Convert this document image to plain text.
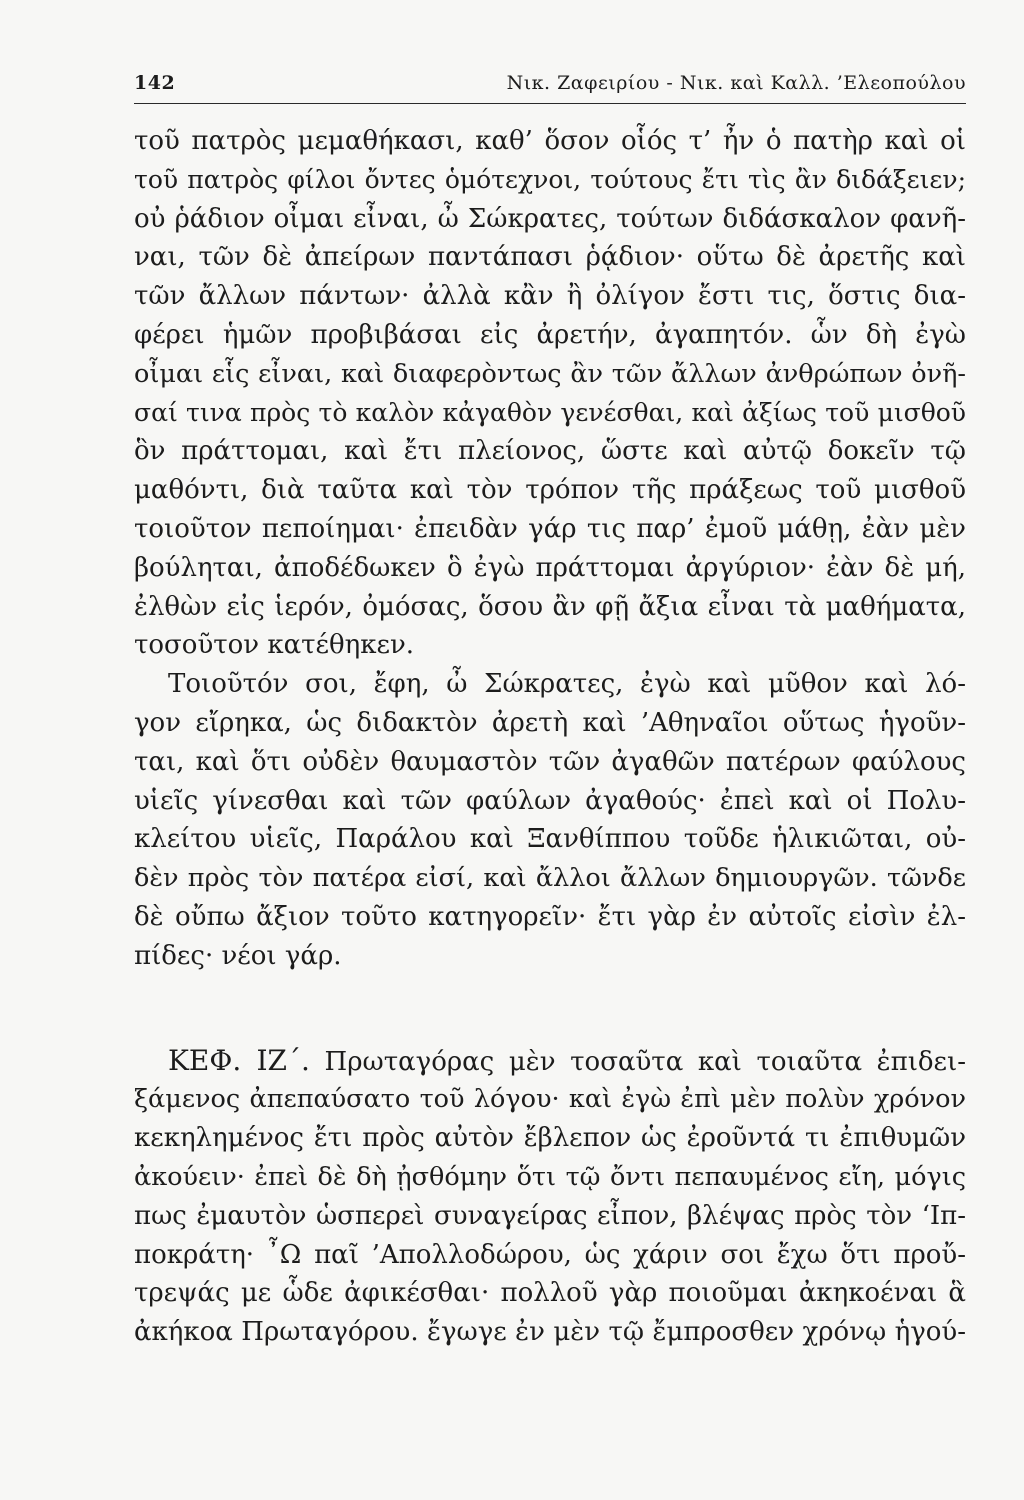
142	Νικ. Ζαφειρίου - Νικ. καὶ Καλλ. ’Ελεοπούλου
τοῦ πατρὸς μεμαθήκασι, καθ’ ὅσον οἷός τ’ ἦν ὁ πατὴρ καὶ οἱ
τοῦ πατρὸς φίλοι ὄντες ὁμότεχνοι, τούτους ἔτι τὶς ἂν διδάξειεν;
οὐ ῥάδιον οἶμαι εἶναι, ὦ Σώκρατες, τούτων διδάσκαλον φανῆ-
ναι, τῶν δὲ ἀπείρων παντάπασι ῥᾴδιον· οὕτω δὲ ἀρετῆς καὶ
τῶν ἄλλων πάντων· ἀλλὰ κἂν ἢ ὀλίγον ἔστι τις, ὅστις δια-
φέρει ἡμῶν προβιβάσαι εἰς ἀρετήν, ἀγαπητόν. ὧν δὴ ἐγὼ
οἶμαι εἷς εἶναι, καὶ διαφερὸντως ἂν τῶν ἄλλων ἀνθρώπων ὀνῆ-
σαί τινα πρὸς τὸ καλὸν κἀγαθὸν γενέσθαι, καὶ ἀξίως τοῦ μισθοῦ
ὃν πράττομαι, καὶ ἔτι πλείονος, ὥστε καὶ αὐτῷ δοκεῖν τῷ
μαθόντι, διὰ ταῦτα καὶ τὸν τρόπον τῆς πράξεως τοῦ μισθοῦ
τοιοῦτον πεποίημαι· ἐπειδὰν γάρ τις παρ’ ἐμοῦ μάθῃ, ἐὰν μὲν
βούληται, ἀποδέδωκεν ὃ ἐγὼ πράττομαι ἀργύριον· ἐὰν δὲ μή,
ἐλθὼν εἰς ἱερόν, ὀμόσας, ὅσου ἂν φῇ ἄξια εἶναι τὰ μαθήματα,
τοσοῦτον κατέθηκεν.
Τοιοῦτόν σοι, ἔφη, ὦ Σώκρατες, ἐγὼ καὶ μῦθον καὶ λό-
γον εἴρηκα, ὡς διδακτὸν ἀρετὴ καὶ ’Αθηναῖοι οὕτως ἡγοῦν-
ται, καὶ ὅτι οὐδὲν θαυμαστὸν τῶν ἀγαθῶν πατέρων φαύλους
υἱεῖς γίνεσθαι καὶ τῶν φαύλων ἀγαθούς· ἐπεὶ καὶ οἱ Πολυ-
κλείτου υἱεῖς, Παράλου καὶ Ξανθίππου τοῦδε ἡλικιῶται, οὐ-
δὲν πρὸς τὸν πατέρα εἰσί, καὶ ἄλλοι ἄλλων δημιουργῶν. τῶνδε
δὲ οὔπω ἄξιον τοῦτο κατηγορεῖν· ἔτι γὰρ ἐν αὐτοῖς εἰσὶν ἐλ-
πίδες· νέοι γάρ.
ΚΕΦ. ΙΖ΄. Πρωταγόρας μὲν τοσαῦτα καὶ τοιαῦτα ἐπιδει-
ξάμενος ἀπεπαύσατο τοῦ λόγου· καὶ ἐγὼ ἐπὶ μὲν πολὺν χρόνον
κεκηλημένος ἔτι πρὸς αὐτὸν ἔβλεπον ὡς ἐροῦντά τι ἐπιθυμῶν
ἀκούειν· ἐπεὶ δὲ δὴ ᾐσθόμην ὅτι τῷ ὄντι πεπαυμένος εἴη, μόγις
πως ἐμαυτὸν ὡσπερεὶ συναγείρας εἶπον, βλέψας πρὸς τὸν ‘Ιπ-
ποκράτη· ῏Ω παῖ ’Απολλοδώρου, ὡς χάριν σοι ἔχω ὅτι προὔ-
τρεψάς με ὧδε ἀφικέσθαι· πολλοῦ γὰρ ποιοῦμαι ἀκηκοέναι ἃ
ἀκήκοα Πρωταγόρου. ἔγωγε ἐν μὲν τῷ ἔμπροσθεν χρόνῳ ἡγού-
